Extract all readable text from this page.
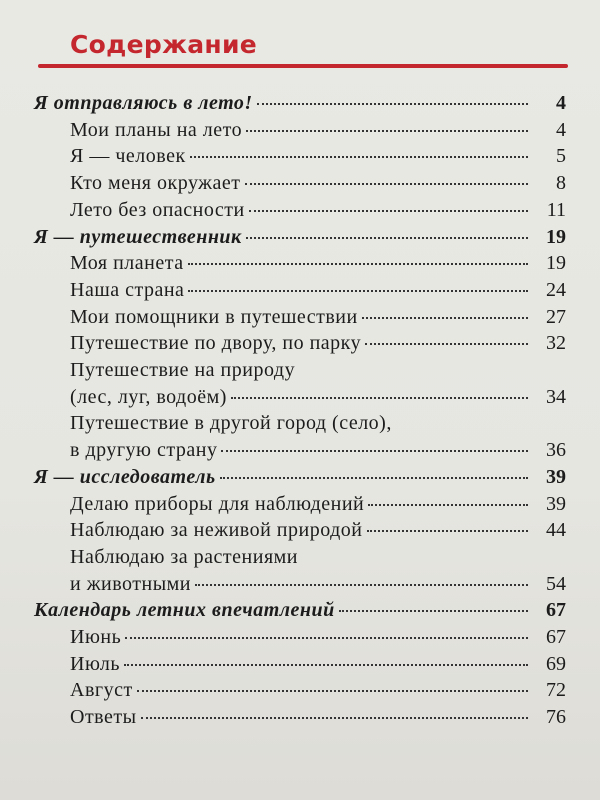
Содержание
Я отправляюсь в лето!	4
Мои планы на лето	4
Я — человек	5
Кто меня окружает	8
Лето без опасности	11
Я — путешественник	19
Моя планета	19
Наша страна	24
Мои помощники в путешествии	27
Путешествие по двору, по парку	32
Путешествие на природу
(лес, луг, водоём)	34
Путешествие в другой город (село),
в другую страну	36
Я — исследователь	39
Делаю приборы для наблюдений	39
Наблюдаю за неживой природой	44
Наблюдаю за растениями
и животными	54
Календарь летних впечатлений	67
Июнь	67
Июль	69
Август	72
Ответы	76
